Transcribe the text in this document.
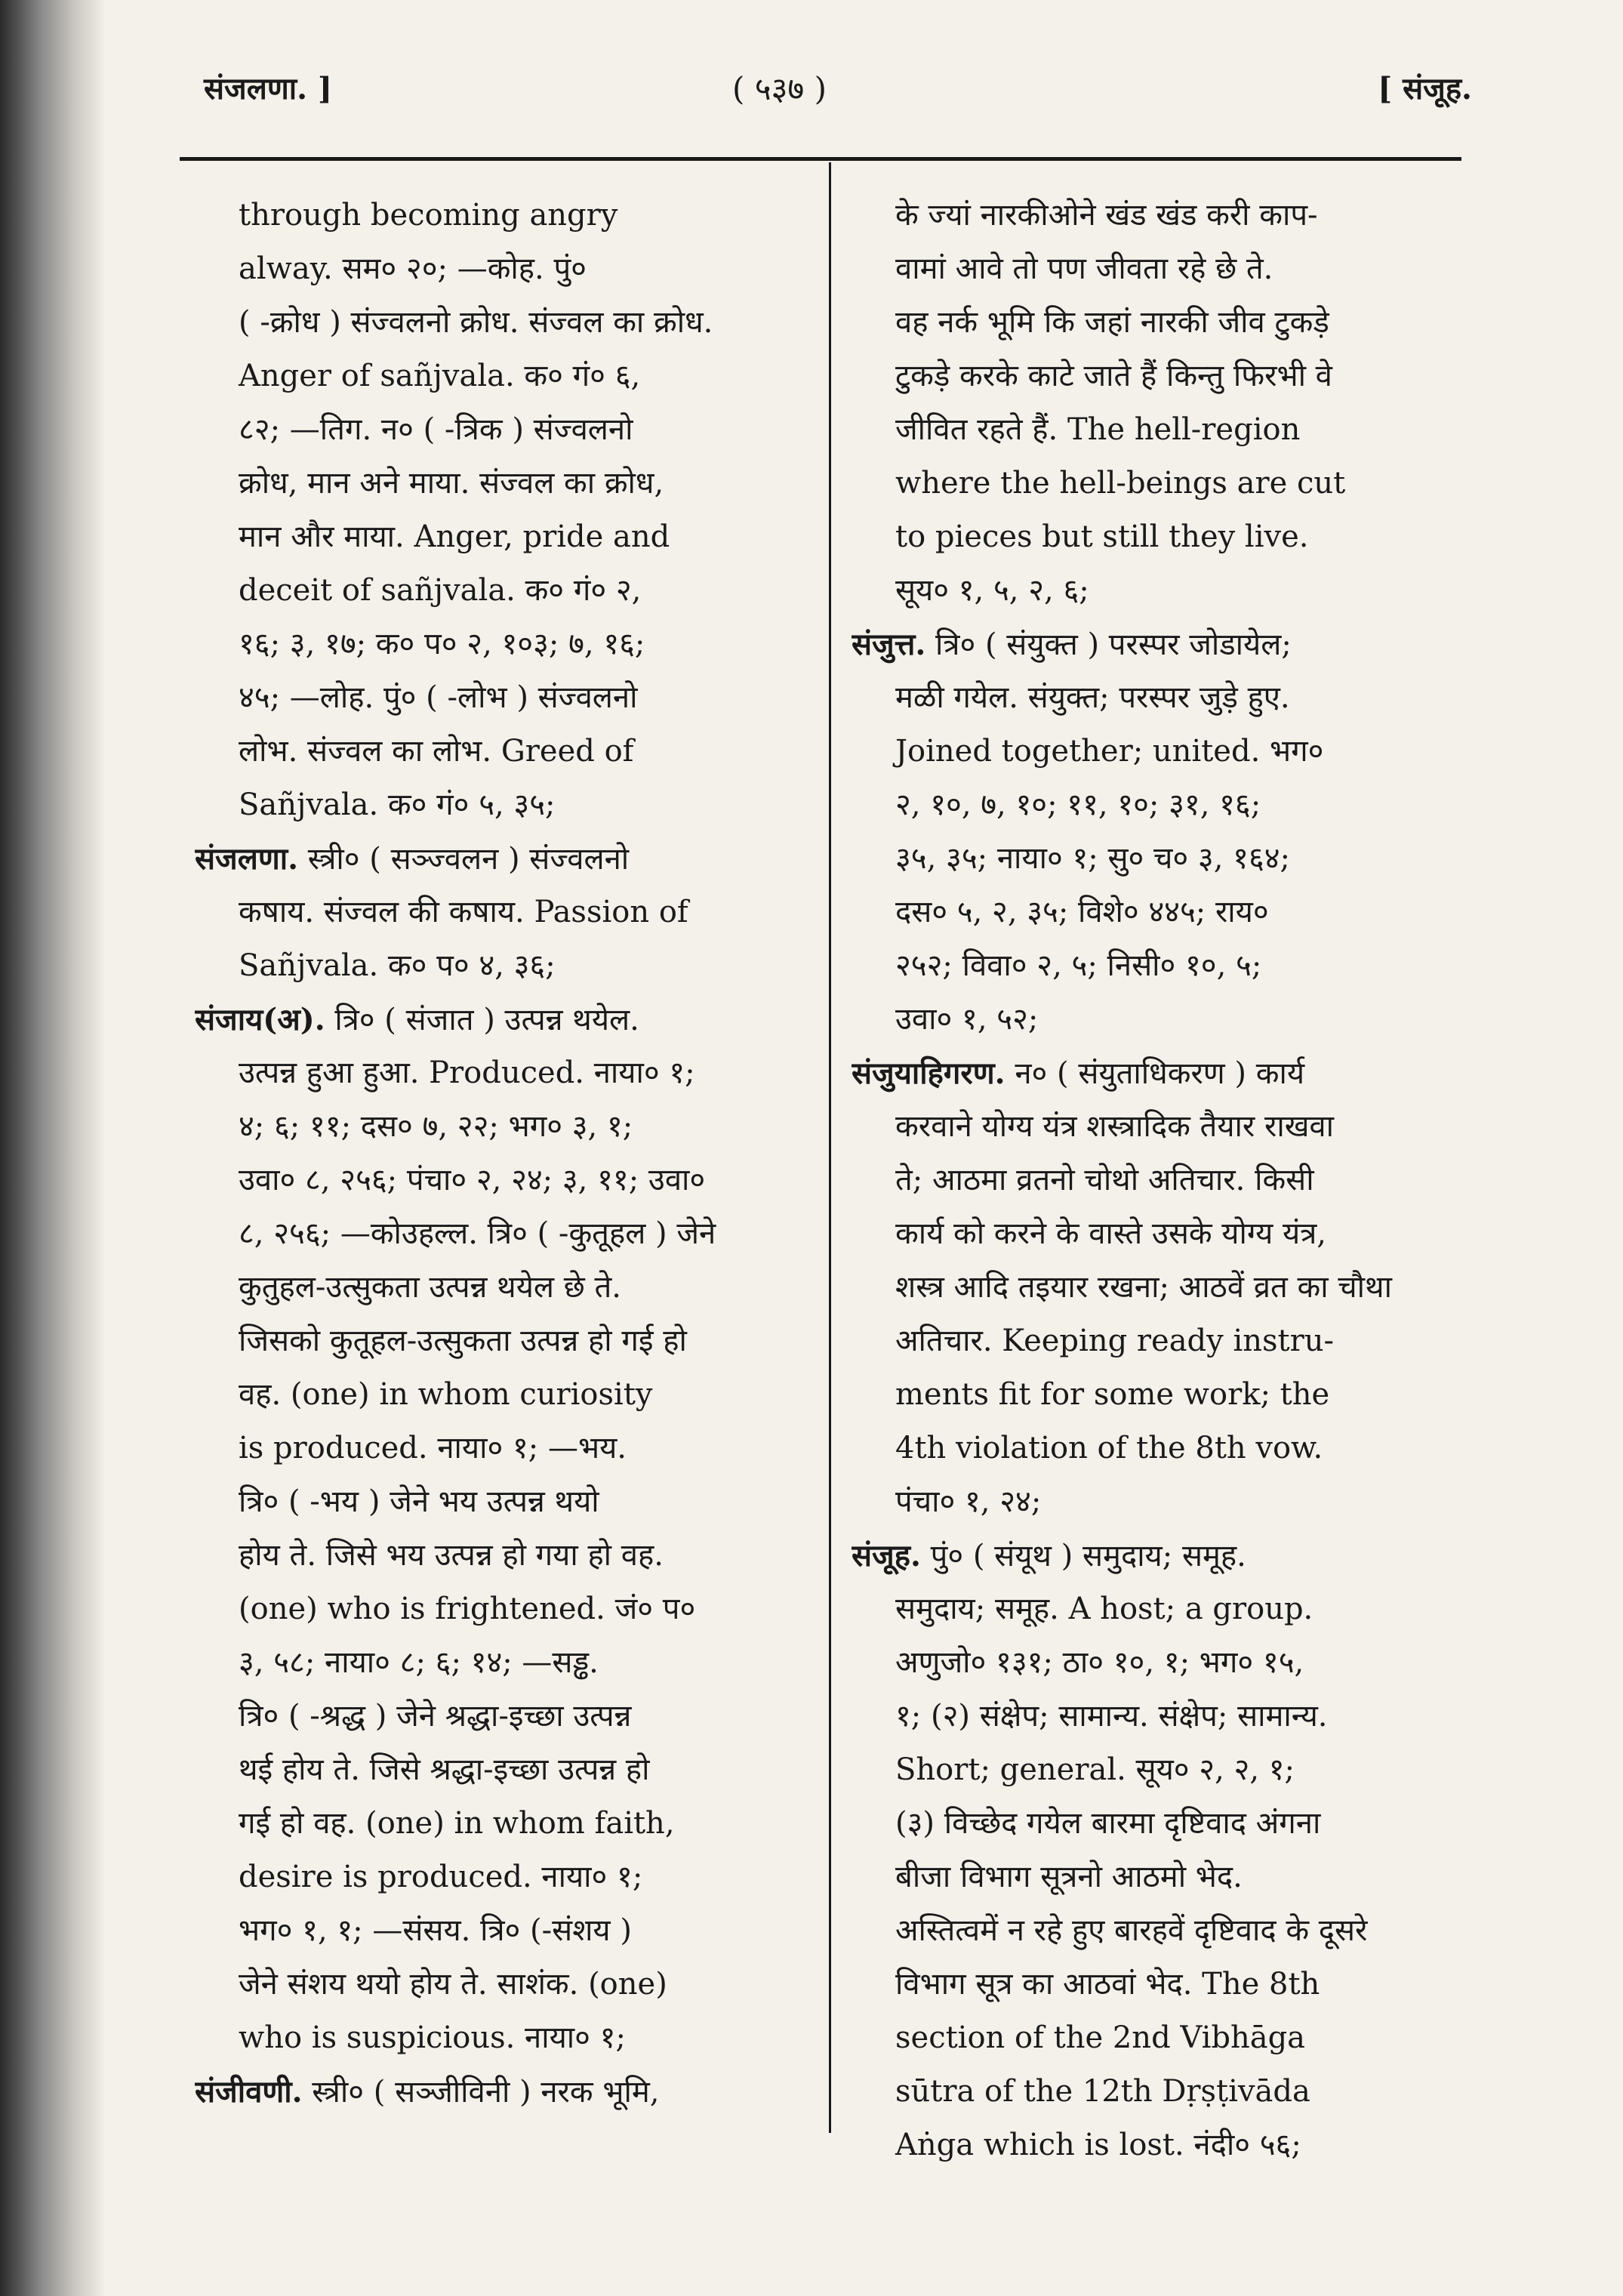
संजलणा. ]	( ५३७ )	[ संजूह.
through becoming angry
alway. सम० २०; —कोह. पुं०
( -क्रोध ) संज्वलनो क्रोध. संज्वल का क्रोध.
Anger of sañjvala. क० गं० ६,
८२; —तिग. न० ( -त्रिक ) संज्वलनो
क्रोध, मान अने माया. संज्वल का क्रोध,
मान और माया. Anger, pride and
deceit of sañjvala. क० गं० २,
१६; ३, १७; क० प० २, १०३; ७, १६;
४५; —लोह. पुं० ( -लोभ ) संज्वलनो
लोभ. संज्वल का लोभ. Greed of
Sañjvala. क० गं० ५, ३५;
संजलणा. स्त्री० ( सञ्ज्वलन ) संज्वलनो
कषाय. संज्वल की कषाय. Passion of
Sañjvala. क० प० ४, ३६;
संजाय(अ). त्रि० ( संजात ) उत्पन्न थयेल.
उत्पन्न हुआ हुआ. Produced. नाया० १;
४; ६; ११; दस० ७, २२; भग० ३, १;
उवा० ८, २५६; पंचा० २, २४; ३, ११; उवा०
८, २५६; —कोउहल्ल. त्रि० ( -कुतूहल ) जेने
कुतुहल-उत्सुकता उत्पन्न थयेल छे ते.
जिसको कुतूहल-उत्सुकता उत्पन्न हो गई हो
वह. (one) in whom curiosity
is produced. नाया० १; —भय.
त्रि० ( -भय ) जेने भय उत्पन्न थयो
होय ते. जिसे भय उत्पन्न हो गया हो वह.
(one) who is frightened. जं० प०
३, ५८; नाया० ८; ६; १४; —सड्ढ.
त्रि० ( -श्रद्ध ) जेने श्रद्धा-इच्छा उत्पन्न
थई होय ते. जिसे श्रद्धा-इच्छा उत्पन्न हो
गई हो वह. (one) in whom faith,
desire is produced. नाया० १;
भग० १, १; —संसय. त्रि० (-संशय )
जेने संशय थयो होय ते. साशंक. (one)
who is suspicious. नाया० १;
संजीवणी. स्त्री० ( सञ्जीविनी ) नरक भूमि,
के ज्यां नारकीओने खंड खंड करी काप-
वामां आवे तो पण जीवता रहे छे ते.
वह नर्क भूमि कि जहां नारकी जीव टुकड़े
टुकड़े करके काटे जाते हैं किन्तु फिरभी वे
जीवित रहते हैं. The hell-region
where the hell-beings are cut
to pieces but still they live.
सूय० १, ५, २, ६;
संजुत्त. त्रि० ( संयुक्त ) परस्पर जोडायेल;
मळी गयेल. संयुक्त; परस्पर जुड़े हुए.
Joined together; united. भग०
२, १०, ७, १०; ११, १०; ३१, १६;
३५, ३५; नाया० १; सु० च० ३, १६४;
दस० ५, २, ३५; विशे० ४४५; राय०
२५२; विवा० २, ५; निसी० १०, ५;
उवा० १, ५२;
संजुयाहिगरण. न० ( संयुताधिकरण ) कार्य
करवाने योग्य यंत्र शस्त्रादिक तैयार राखवा
ते; आठमा व्रतनो चोथो अतिचार. किसी
कार्य को करने के वास्ते उसके योग्य यंत्र,
शस्त्र आदि तइयार रखना; आठवें व्रत का चौथा
अतिचार. Keeping ready instru-
ments fit for some work; the
4th violation of the 8th vow.
पंचा० १, २४;
संजूह. पुं० ( संयूथ ) समुदाय; समूह.
समुदाय; समूह. A host; a group.
अणुजो० १३१; ठा० १०, १; भग० १५,
१; (२) संक्षेप; सामान्य. संक्षेप; सामान्य.
Short; general. सूय० २, २, १;
(३) विच्छेद गयेल बारमा दृष्टिवाद अंगना
बीजा विभाग सूत्रनो आठमो भेद.
अस्तित्वमें न रहे हुए बारहवें दृष्टिवाद के दूसरे
विभाग सूत्र का आठवां भेद. The 8th
section of the 2nd Vibhāga
sūtra of the 12th Dṛṣṭivāda
Aṅga which is lost. नंदी० ५६;
